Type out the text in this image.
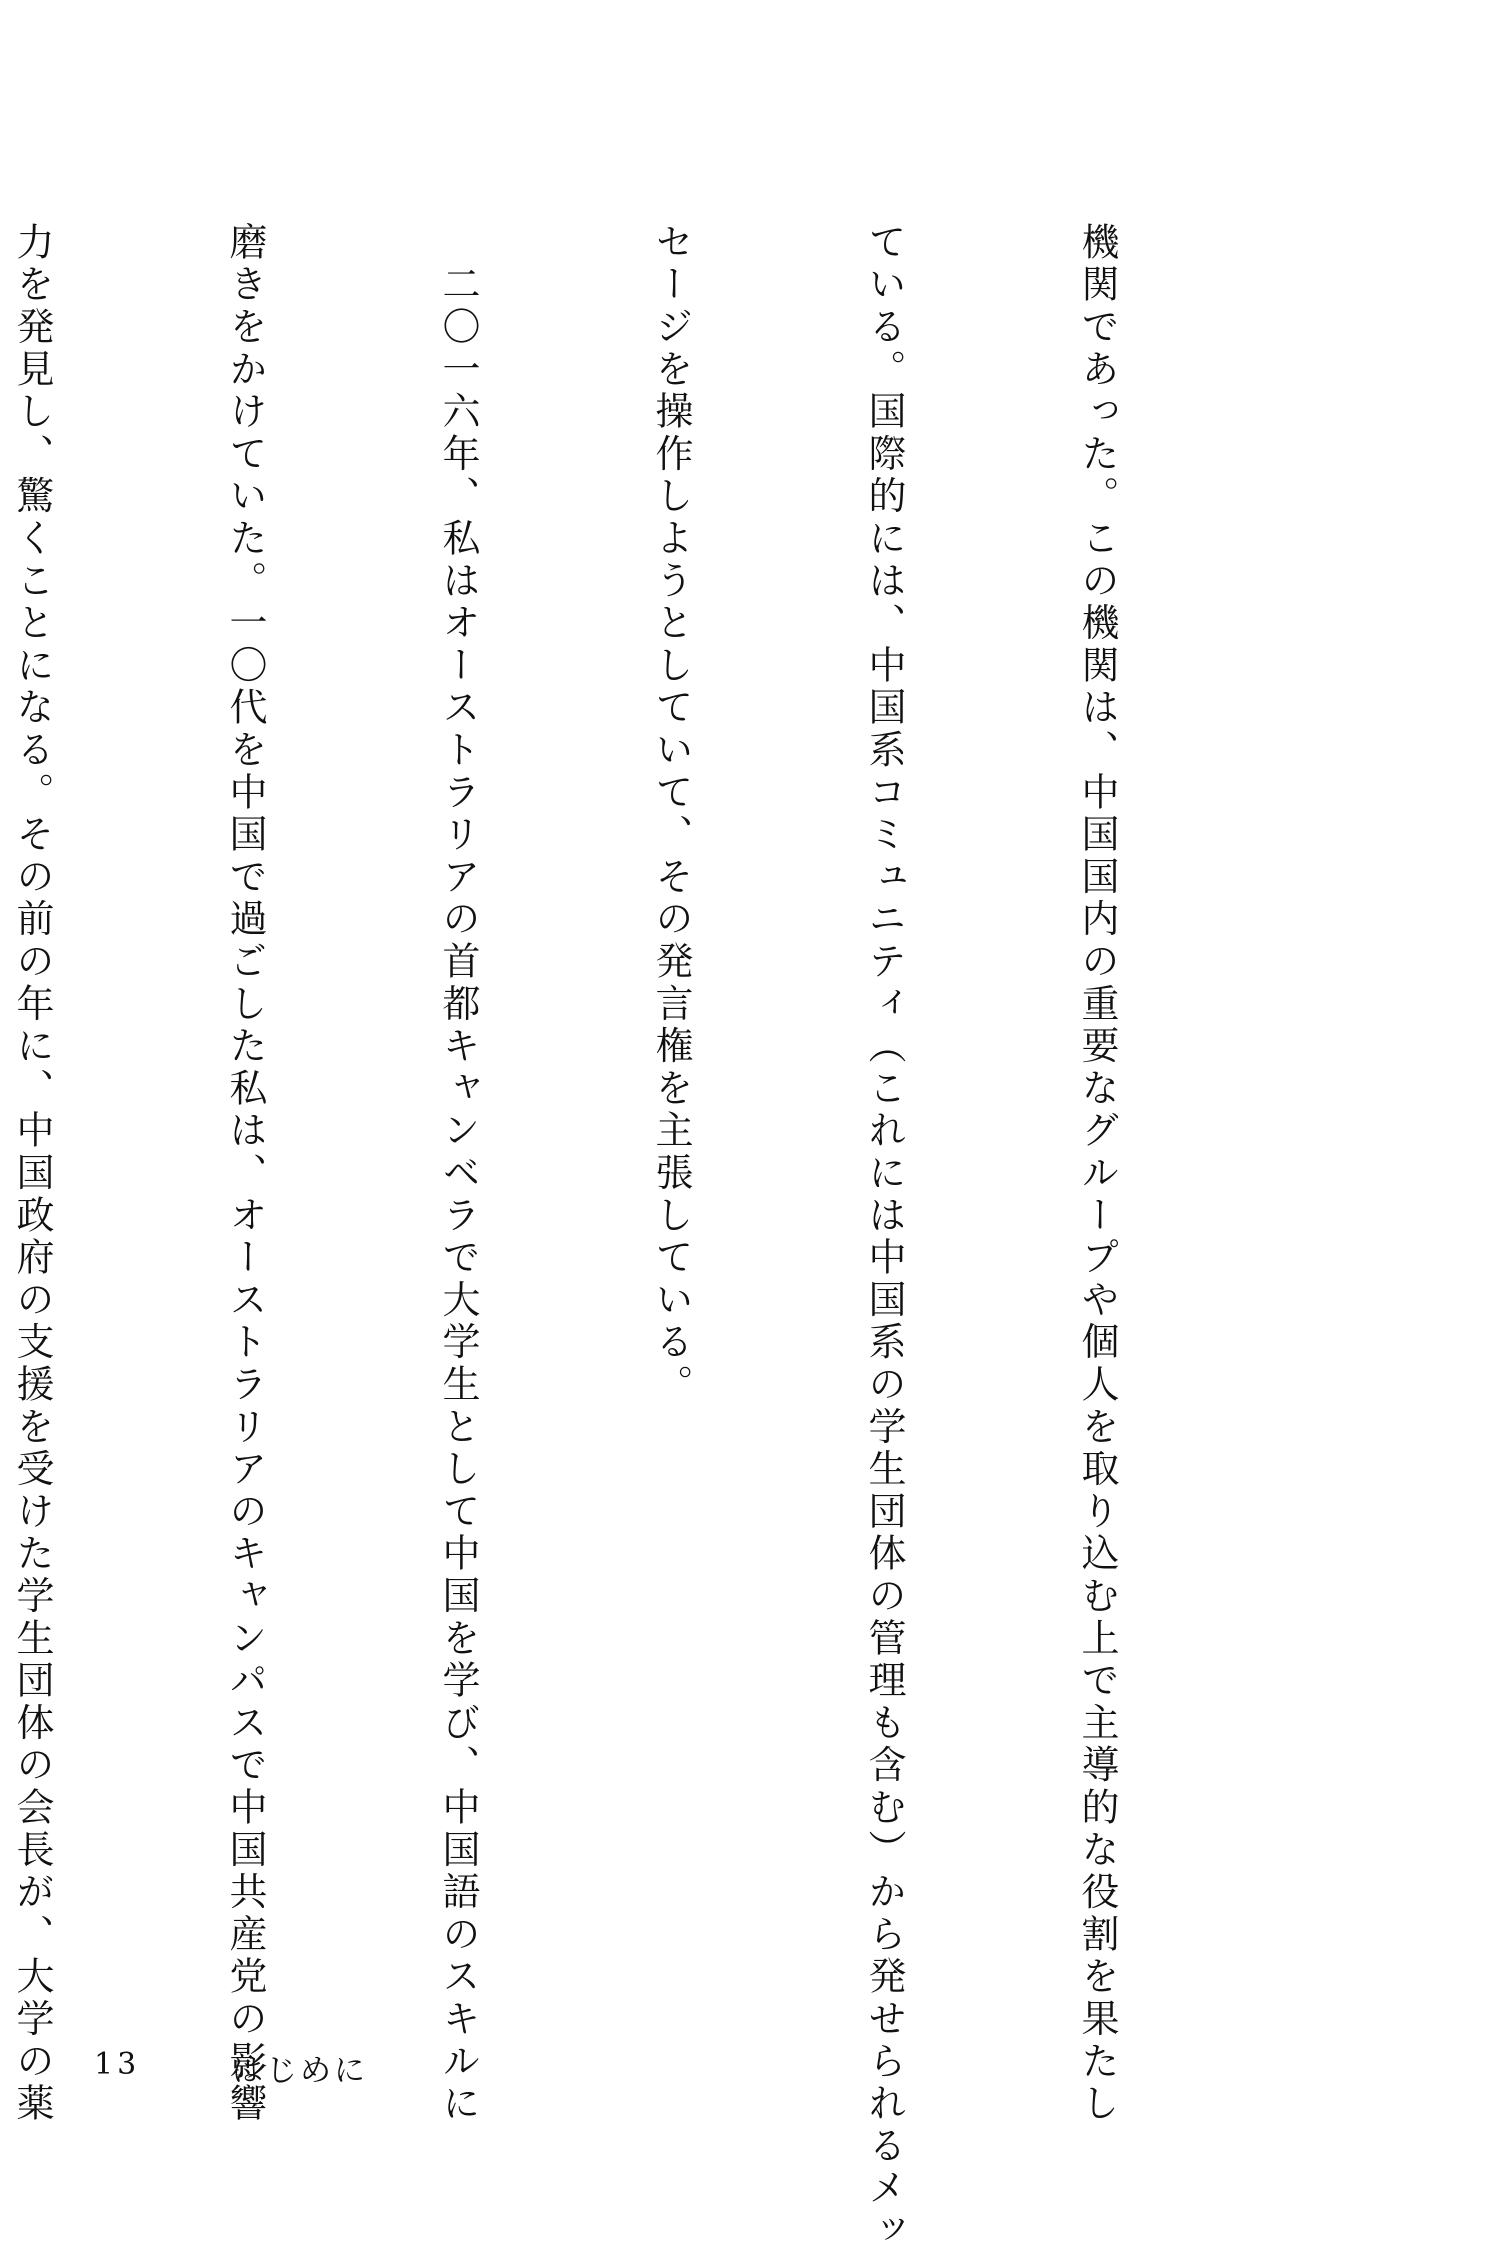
機関であった。この機関は、中国国内の重要なグループや個人を取り込む上で主導的な役割を果たし

ている。国際的には、中国系コミュニティ（これには中国系の学生団体の管理も含む）から発せられるメッ

セージを操作しようとしていて、その発言権を主張している。

　二〇一六年、私はオーストラリアの首都キャンベラで大学生として中国を学び、中国語のスキルに

磨きをかけていた。一〇代を中国で過ごした私は、オーストラリアのキャンパスで中国共産党の影響

力を発見し、驚くことになる。その前の年に、中国政府の支援を受けた学生団体の会長が、大学の薬

	13	はじめに
